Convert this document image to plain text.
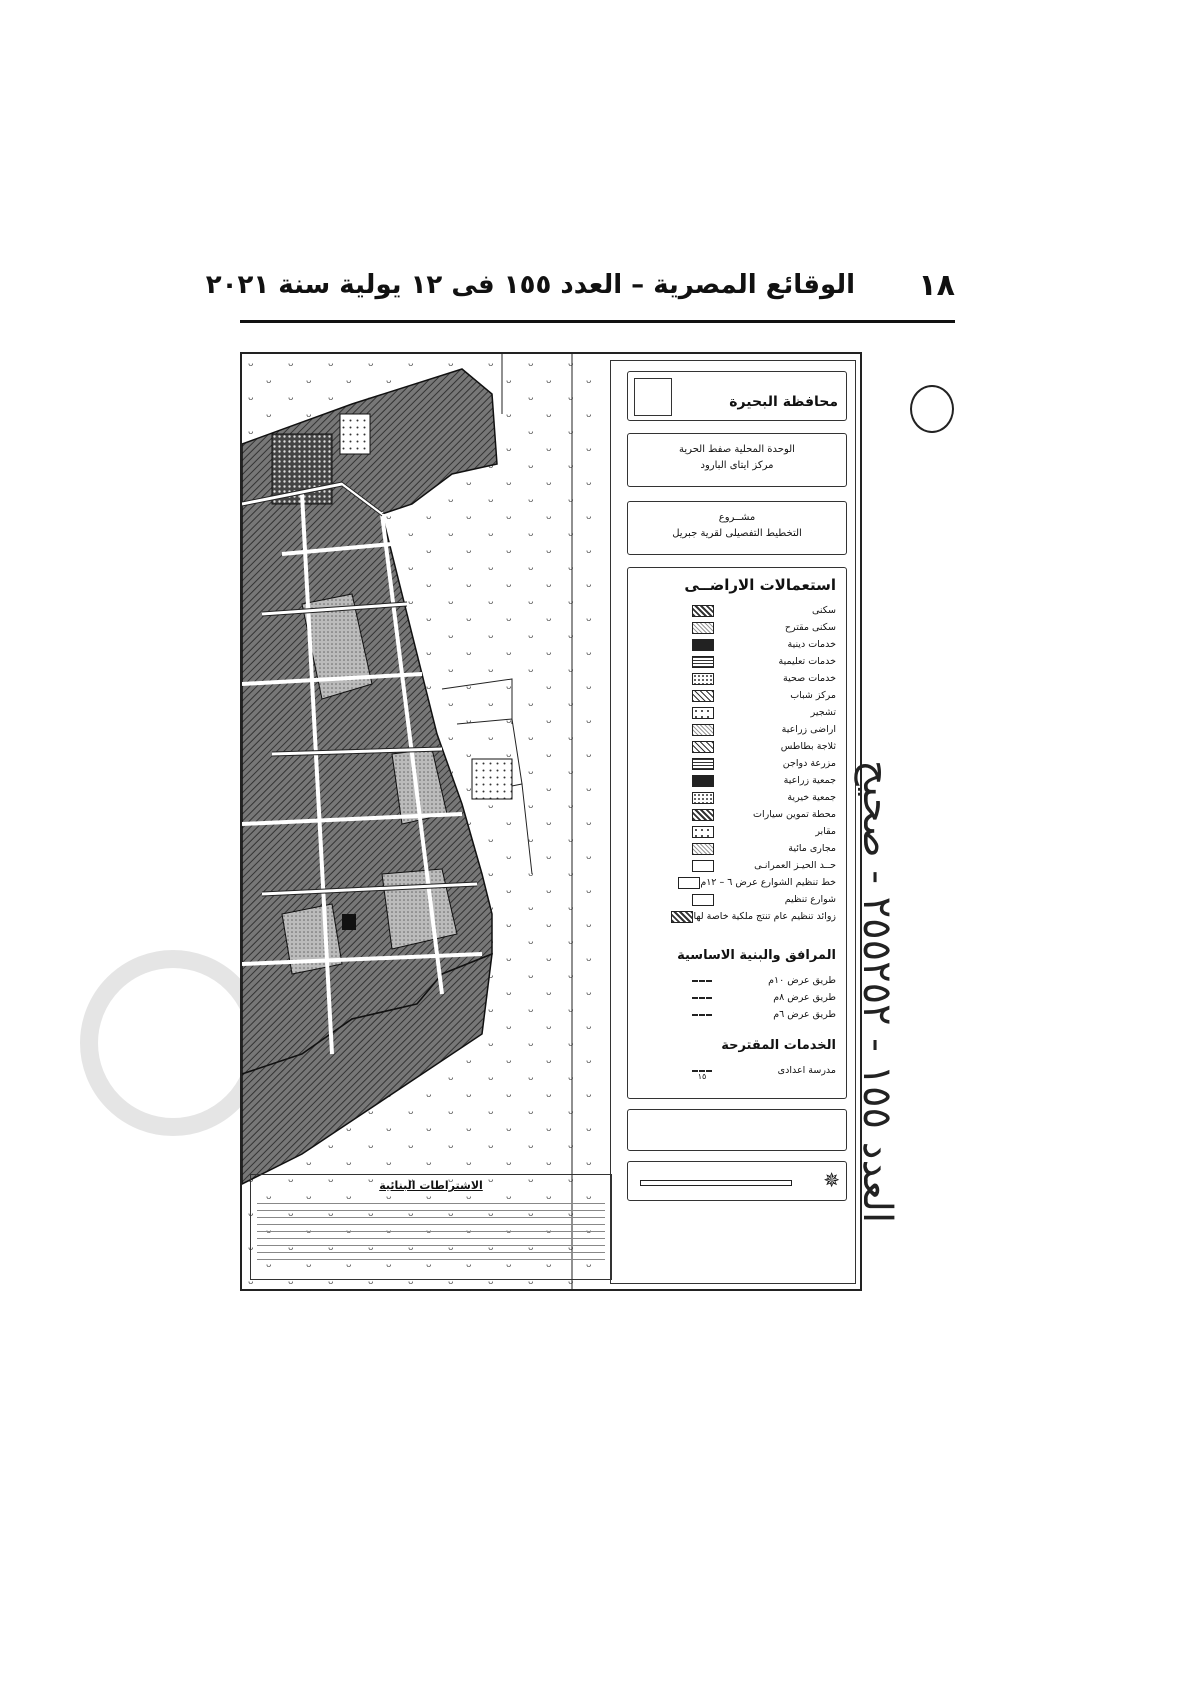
١٨
الوقائع المصرية – العدد ١٥٥ فى ١٢ يولية سنة ٢٠٢١
محافظة البحيرة
الوحدة المحلية صفط الحرية
مركز ايتاى البارود
مشــروع
التخطيط التفصيلى لقرية جبريل
استعمالات الاراضــى
سكنى
سكنى مقترح
خدمات دينية
خدمات تعليمية
خدمات صحية
مركز شباب
تشجير
اراضى زراعية
ثلاجة بطاطس
مزرعة دواجن
جمعية زراعية
جمعية خيرية
محطة تموين سيارات
مقابر
مجارى مائية
حــد الحيـز العمرانـى
خط تنظيم الشوارع عرض ٦ – ١٢م
شوارع تنظيم
زوائد تنظيم عام تنتج ملكية خاصة لها
المرافق والبنية الاساسية
طريق عرض ١٠م
طريق عرض ٨م
طريق عرض ٦م
الخدمات المقترحة
مدرسة اعدادى
١٥
✵
الاشتراطات البنائية
العدد ١٥٥ - ٢٥٥٢٥٢ - صحيح
